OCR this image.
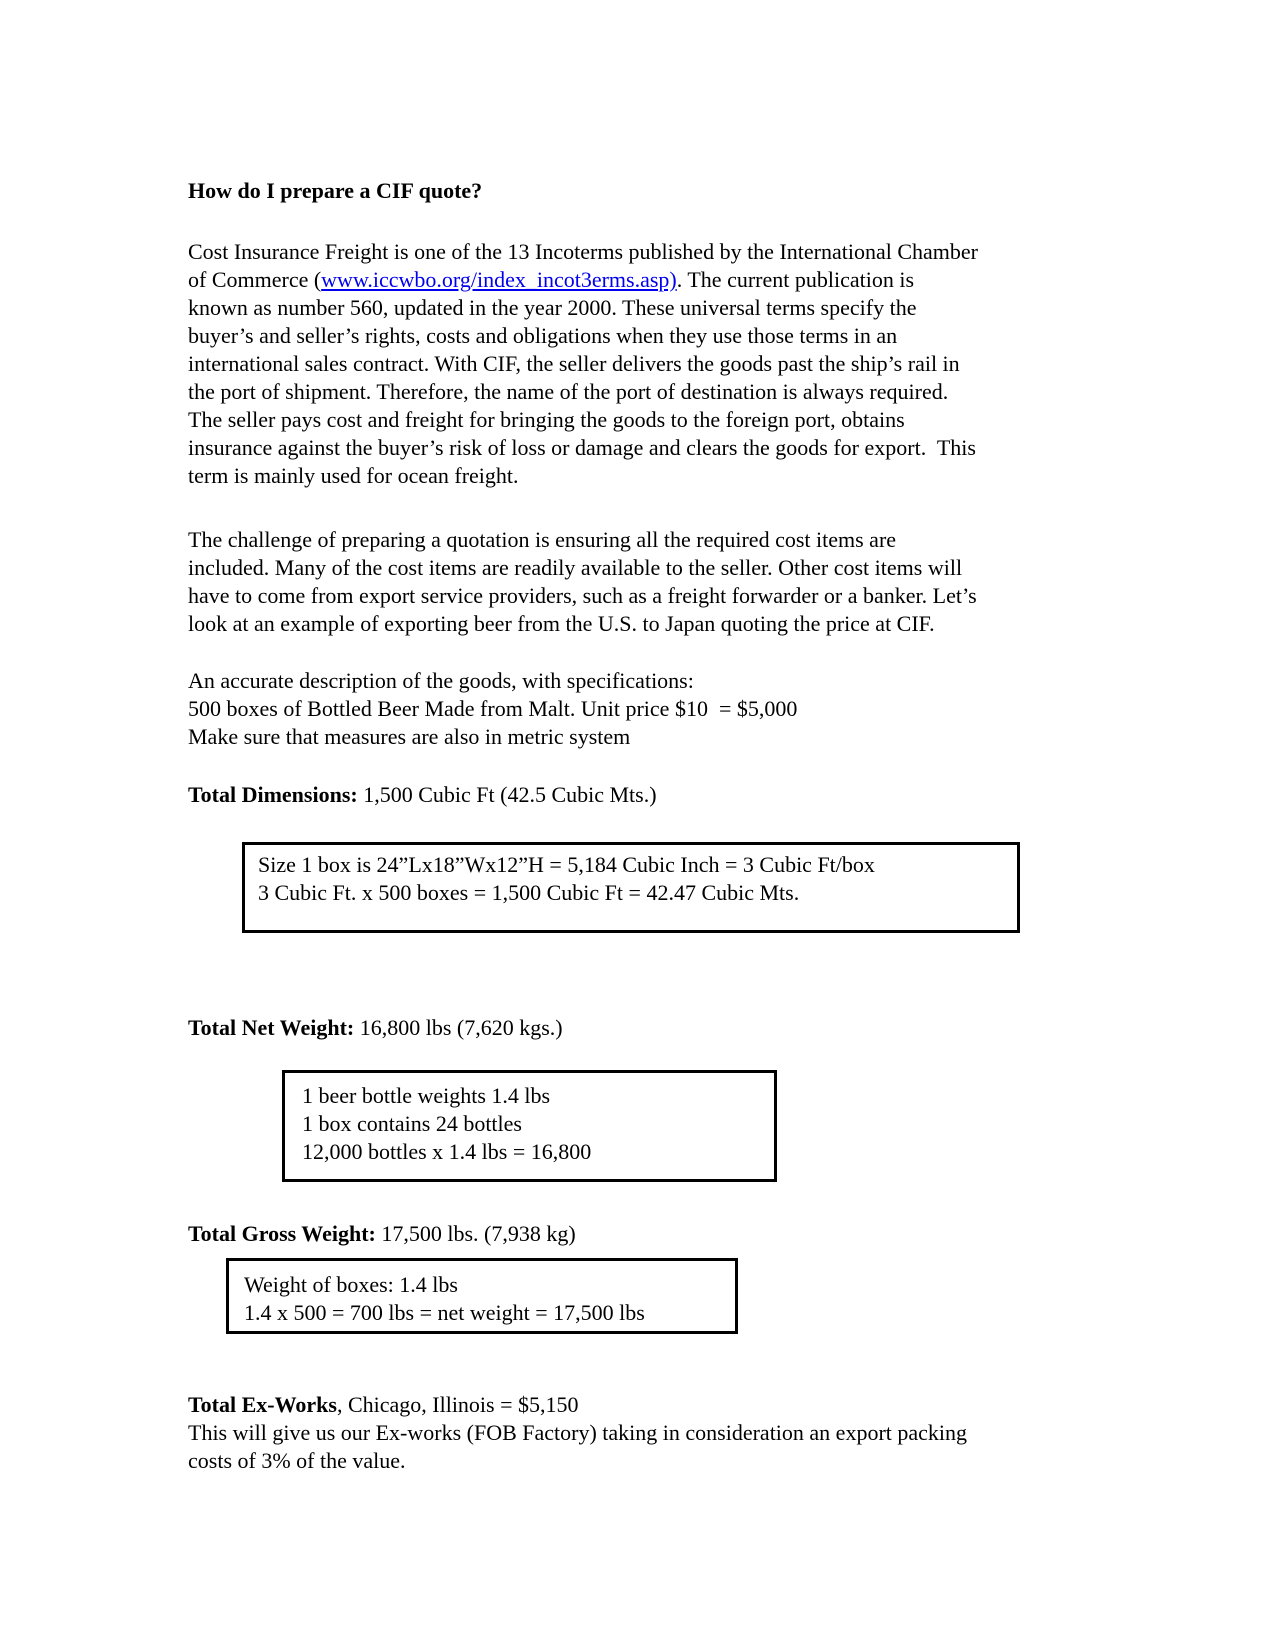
How do I prepare a CIF quote?
Cost Insurance Freight is one of the 13 Incoterms published by the International Chamber
of Commerce (www.iccwbo.org/index_incot3erms.asp). The current publication is
known as number 560, updated in the year 2000. These universal terms specify the
buyer’s and seller’s rights, costs and obligations when they use those terms in an
international sales contract. With CIF, the seller delivers the goods past the ship’s rail in
the port of shipment. Therefore, the name of the port of destination is always required.
The seller pays cost and freight for bringing the goods to the foreign port, obtains
insurance against the buyer’s risk of loss or damage and clears the goods for export.  This
term is mainly used for ocean freight.
The challenge of preparing a quotation is ensuring all the required cost items are
included. Many of the cost items are readily available to the seller. Other cost items will
have to come from export service providers, such as a freight forwarder or a banker. Let’s
look at an example of exporting beer from the U.S. to Japan quoting the price at CIF.
An accurate description of the goods, with specifications:
500 boxes of Bottled Beer Made from Malt. Unit price $10  = $5,000
Make sure that measures are also in metric system
Total Dimensions: 1,500 Cubic Ft (42.5 Cubic Mts.)
Size 1 box is 24”Lx18”Wx12”H = 5,184 Cubic Inch = 3 Cubic Ft/box
3 Cubic Ft. x 500 boxes = 1,500 Cubic Ft = 42.47 Cubic Mts.
Total Net Weight: 16,800 lbs (7,620 kgs.)
1 beer bottle weights 1.4 lbs
1 box contains 24 bottles
12,000 bottles x 1.4 lbs = 16,800
Total Gross Weight: 17,500 lbs. (7,938 kg)
Weight of boxes: 1.4 lbs
1.4 x 500 = 700 lbs = net weight = 17,500 lbs
Total Ex-Works, Chicago, Illinois = $5,150
This will give us our Ex-works (FOB Factory) taking in consideration an export packing
costs of 3% of the value.
